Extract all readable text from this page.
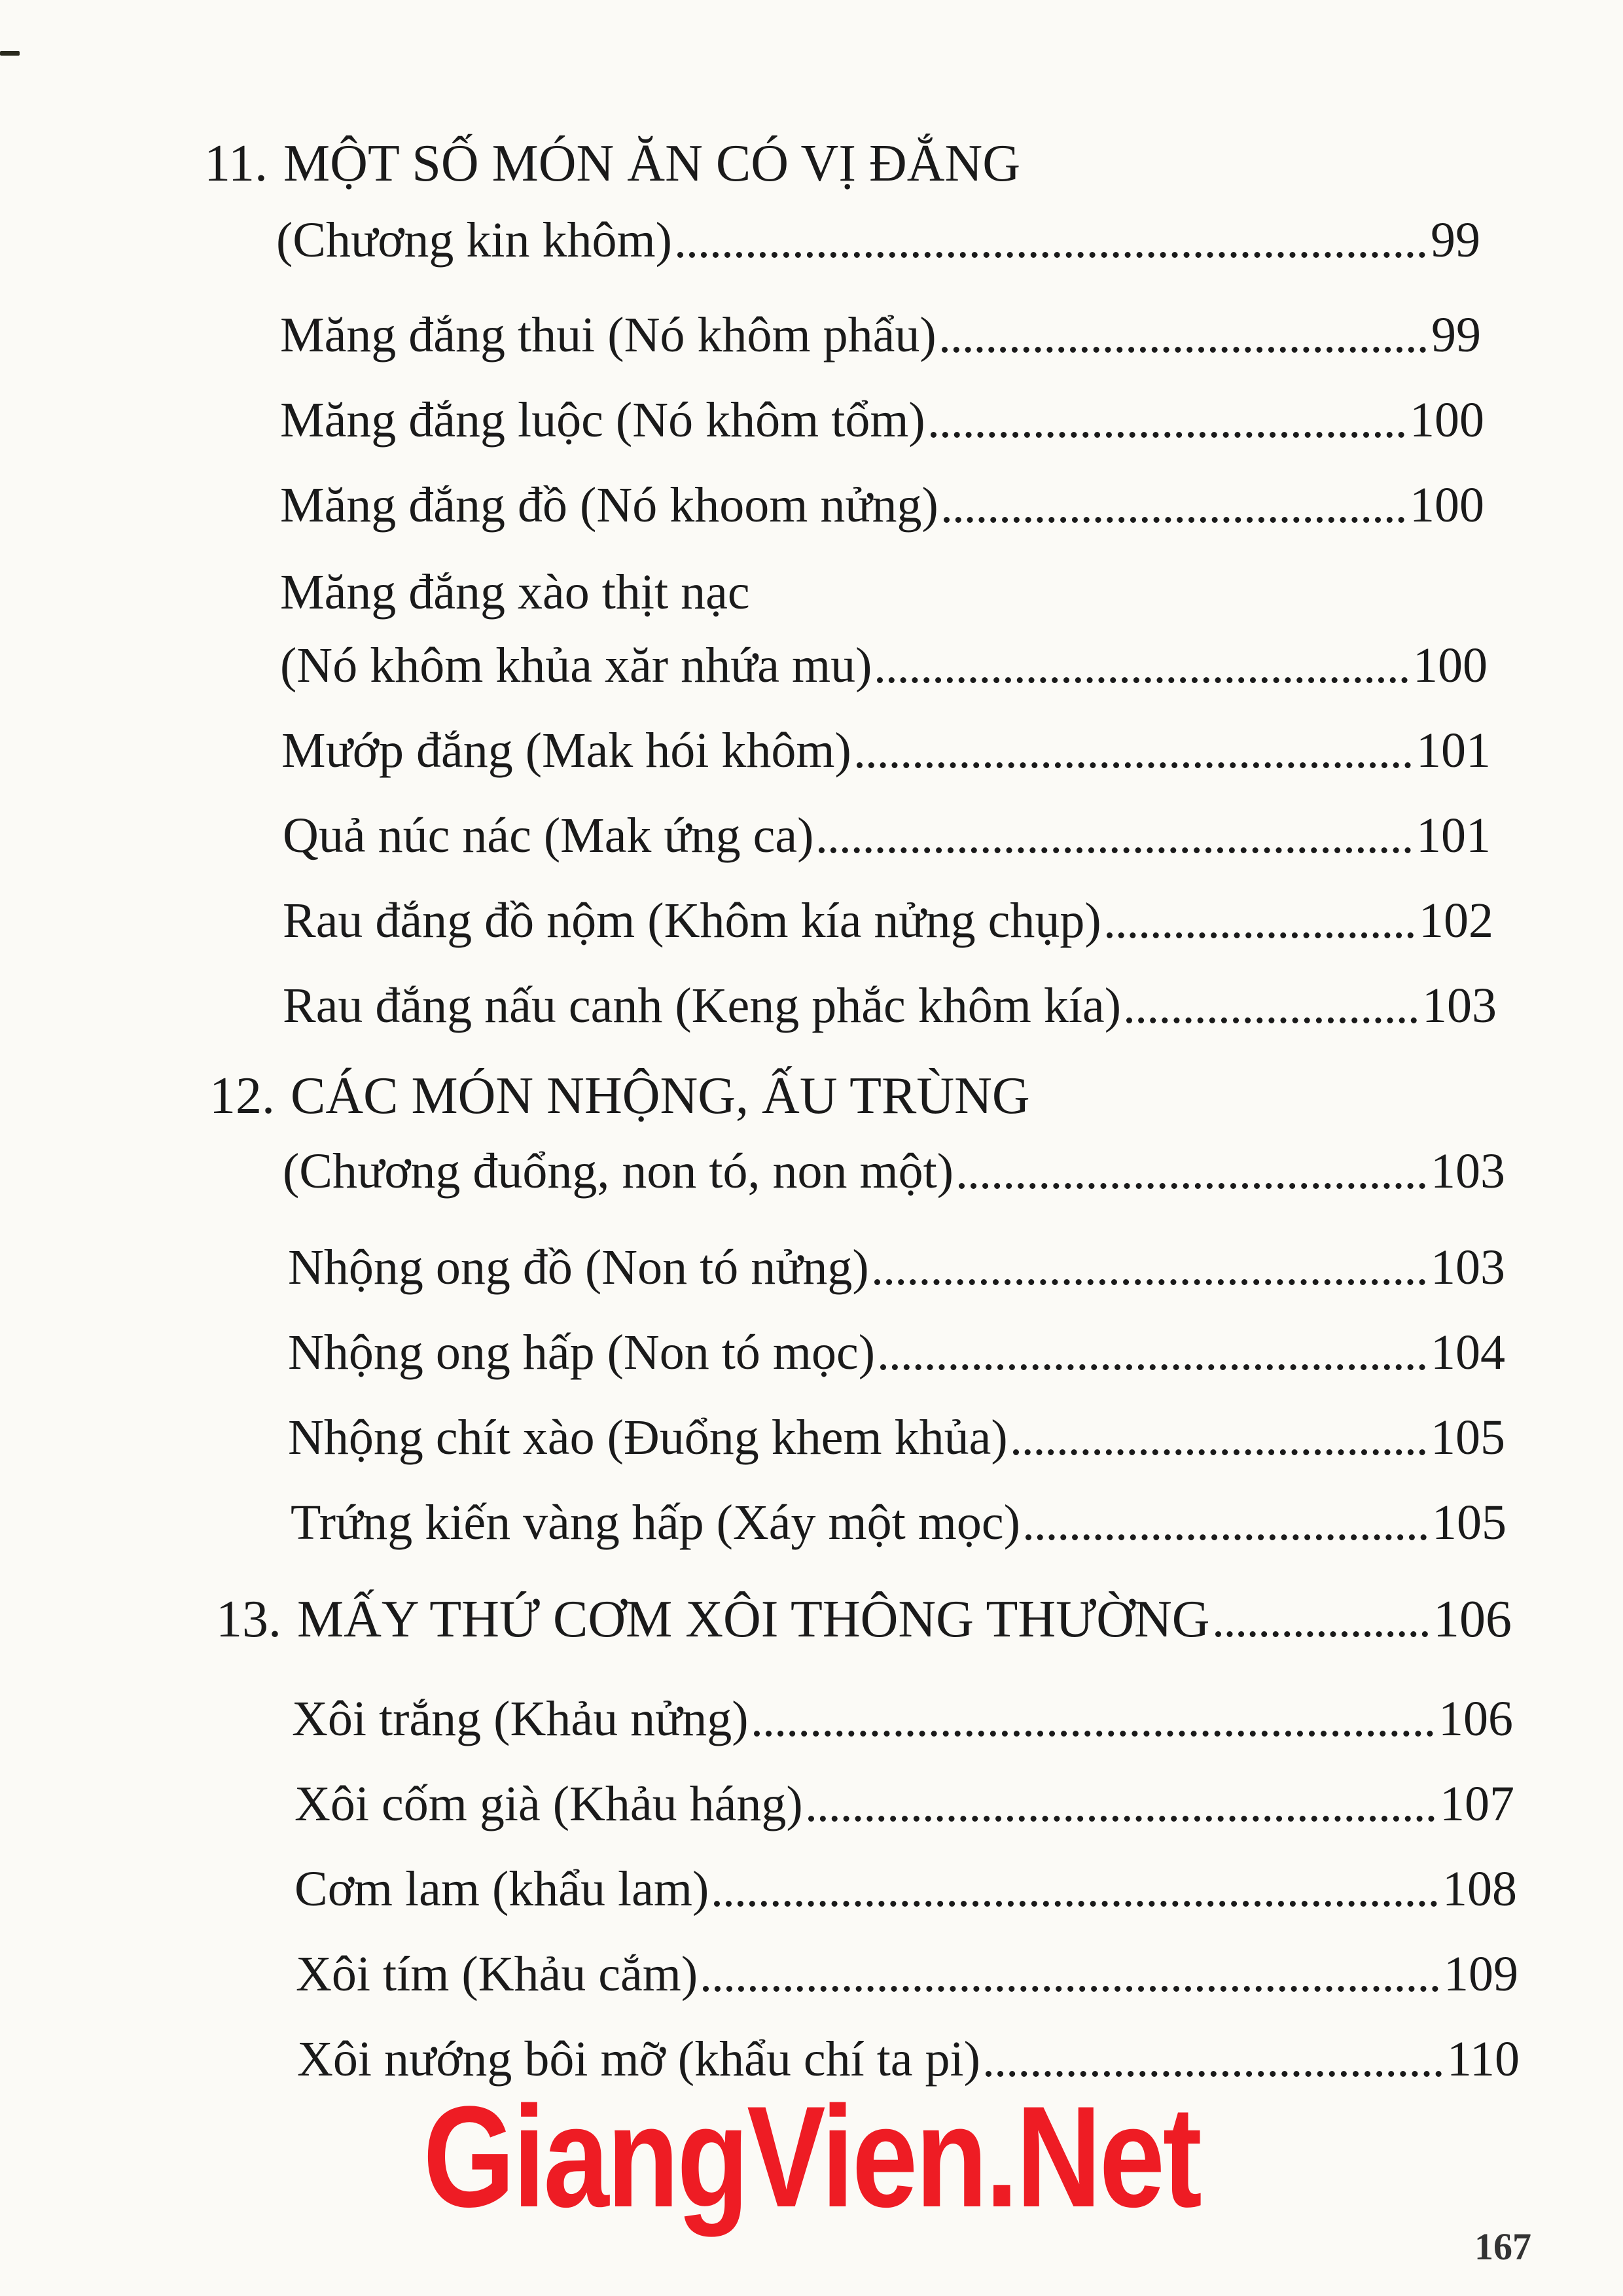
11. MỘT SỐ MÓN ĂN CÓ VỊ ĐẮNG
(Chương kin khôm)	99
Măng đắng thui (Nó khôm phẩu)	99
Măng đắng luộc (Nó khôm tổm)	100
Măng đắng đồ (Nó khoom nửng)	100
Măng đắng xào thịt nạc
(Nó khôm khủa xăr nhứa mu)	100
Mướp đắng (Mak hói khôm)	101
Quả núc nác (Mak ứng ca)	101
Rau đắng đồ nộm (Khôm kía nửng chụp)	102
Rau đắng nấu canh (Keng phắc khôm kía)	103
12. CÁC MÓN NHỘNG, ẤU TRÙNG
(Chương đuổng, non tó, non một)	103
Nhộng ong đồ (Non tó nửng)	103
Nhộng ong hấp (Non tó mọc)	104
Nhộng chít xào (Đuổng khem khủa)	105
Trứng kiến vàng hấp (Xáy một mọc)	105
13. MẤY THỨ CƠM XÔI THÔNG THƯỜNG	106
Xôi trắng (Khảu nửng)	106
Xôi cốm già (Khảu háng)	107
Cơm lam (khẩu lam)	108
Xôi tím (Khảu cắm)	109
Xôi nướng bôi mỡ (khẩu chí ta pi)	110
GiangVien.Net
167
